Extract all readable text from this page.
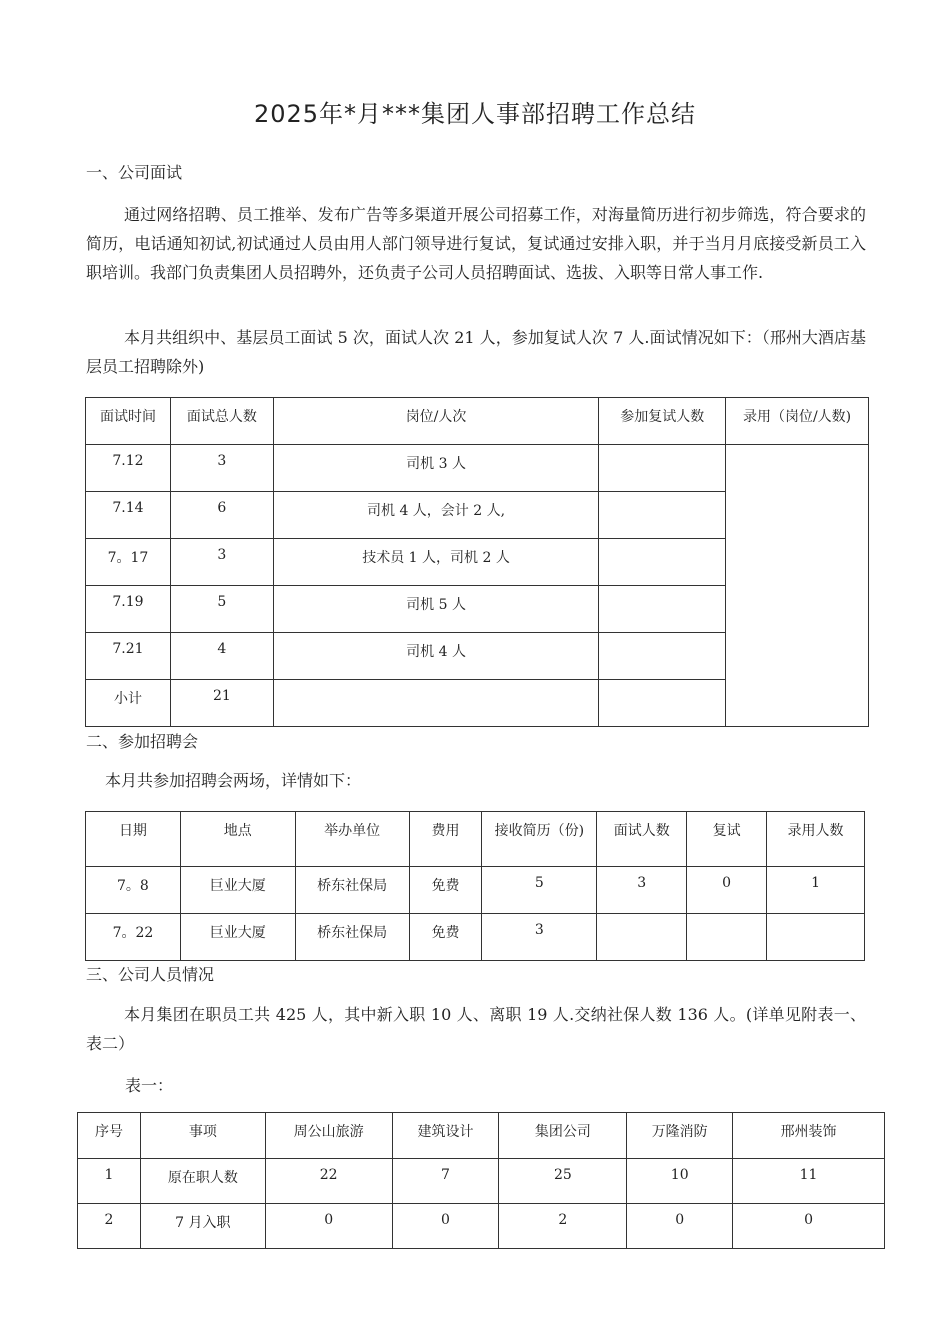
2025年*月***集团人事部招聘工作总结
一、公司面试
通过网络招聘、员工推举、发布广告等多渠道开展公司招募工作，对海量简历进行初步筛选，符合要求的简历，电话通知初试,初试通过人员由用人部门领导进行复试，复试通过安排入职，并于当月月底接受新员工入职培训。我部门负责集团人员招聘外，还负责子公司人员招聘面试、选拔、入职等日常人事工作.
本月共组织中、基层员工面试 5 次，面试人次 21 人，参加复试人次 7 人.面试情况如下：（邢州大酒店基层员工招聘除外)
面试时间	面试总人数	岗位/人次	参加复试人数	录用（岗位/人数)
7.12	3	司机 3 人		
7.14	6	司机 4 人，会计 2 人,		
7。17	3	技术员 1 人，司机 2 人		
7.19	5	司机 5 人		
7.21	4	司机 4 人		
小计	21			
二、参加招聘会
本月共参加招聘会两场，详情如下：
日期	地点	举办单位	费用	接收简历（份)	面试人数	复试	录用人数
7。8	巨业大厦	桥东社保局	免费	5	3	0	1
7。22	巨业大厦	桥东社保局	免费	3			
三、公司人员情况
本月集团在职员工共 425 人，其中新入职 10 人、离职 19 人.交纳社保人数 136 人。(详单见附表一、表二）
表一：
序号	事项	周公山旅游	建筑设计	集团公司	万隆消防	邢州装饰
1	原在职人数	22	7	25	10	11
2	7 月入职	0	0	2	0	0
